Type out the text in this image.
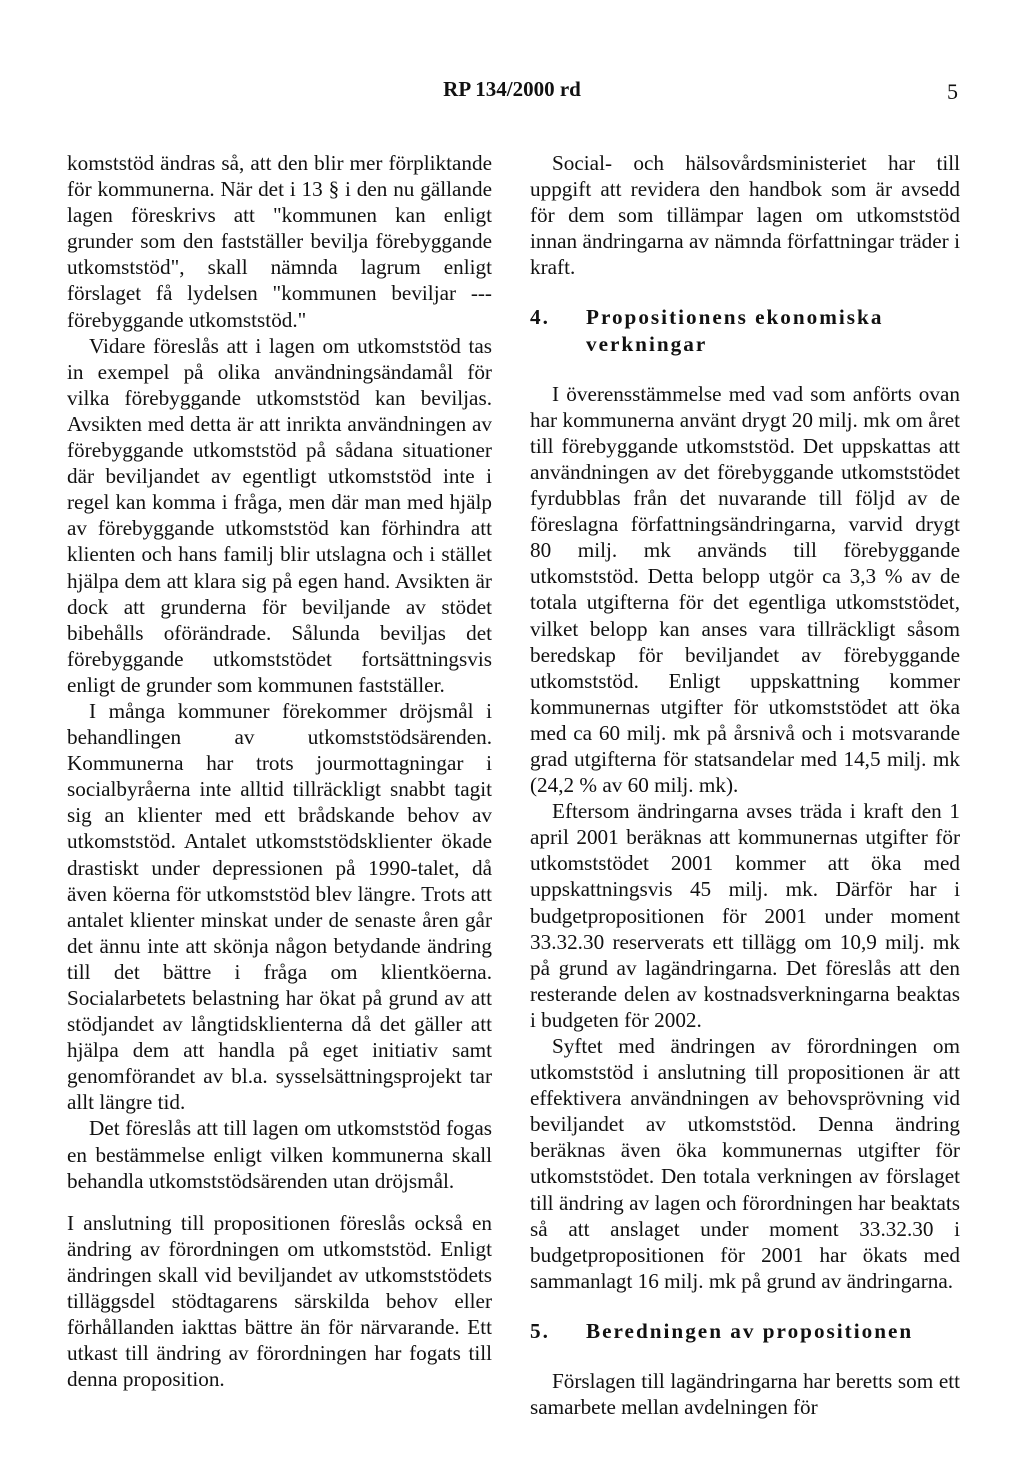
RP 134/2000 rd	5

komststöd ändras så, att den blir mer förpliktande för kommunerna. När det i 13 § i den nu gällande lagen föreskrivs att "kommunen kan enligt grunder som den fastställer bevilja förebyggande utkomststöd", skall nämnda lagrum enligt förslaget få lydelsen "kommunen beviljar --- förebyggande utkomststöd."

Vidare föreslås att i lagen om utkomststöd tas in exempel på olika användningsändamål för vilka förebyggande utkomststöd kan beviljas. Avsikten med detta är att inrikta användningen av förebyggande utkomststöd på sådana situationer där beviljandet av egentligt utkomststöd inte i regel kan komma i fråga, men där man med hjälp av förebyggande utkomststöd kan förhindra att klienten och hans familj blir utslagna och i stället hjälpa dem att klara sig på egen hand. Avsikten är dock att grunderna för beviljande av stödet bibehålls oförändrade. Sålunda beviljas det förebyggande utkomststödet fortsättningsvis enligt de grunder som kommunen fastställer.

I många kommuner förekommer dröjsmål i behandlingen av utkomststödsärenden. Kommunerna har trots jourmottagningar i socialbyråerna inte alltid tillräckligt snabbt tagit sig an klienter med ett brådskande behov av utkomststöd. Antalet utkomststödsklienter ökade drastiskt under depressionen på 1990-talet, då även köerna för utkomststöd blev längre. Trots att antalet klienter minskat under de senaste åren går det ännu inte att skönja någon betydande ändring till det bättre i fråga om klientköerna. Socialarbetets belastning har ökat på grund av att stödjandet av långtidsklienterna då det gäller att hjälpa dem att handla på eget initiativ samt genomförandet av bl.a. sysselsättningsprojekt tar allt längre tid.

Det föreslås att till lagen om utkomststöd fogas en bestämmelse enligt vilken kommunerna skall behandla utkomststödsärenden utan dröjsmål.

I anslutning till propositionen föreslås också en ändring av förordningen om utkomststöd. Enligt ändringen skall vid beviljandet av utkomststödets tilläggsdel stödtagarens särskilda behov eller förhållanden iakttas bättre än för närvarande. Ett utkast till ändring av förordningen har fogats till denna proposition.

Social- och hälsovårdsministeriet har till uppgift att revidera den handbok som är avsedd för dem som tillämpar lagen om utkomststöd innan ändringarna av nämnda författningar träder i kraft.

4.	Propositionens ekonomiska verkningar

I överensstämmelse med vad som anförts ovan har kommunerna använt drygt 20 milj. mk om året till förebyggande utkomststöd. Det uppskattas att användningen av det förebyggande utkomststödet fyrdubblas från det nuvarande till följd av de föreslagna författningsändringarna, varvid drygt 80 milj. mk används till förebyggande utkomststöd. Detta belopp utgör ca 3,3 % av de totala utgifterna för det egentliga utkomststödet, vilket belopp kan anses vara tillräckligt såsom beredskap för beviljandet av förebyggande utkomststöd. Enligt uppskattning kommer kommunernas utgifter för utkomststödet att öka med ca 60 milj. mk på årsnivå och i motsvarande grad utgifterna för statsandelar med 14,5 milj. mk (24,2 % av 60 milj. mk).

Eftersom ändringarna avses träda i kraft den 1 april 2001 beräknas att kommunernas utgifter för utkomststödet 2001 kommer att öka med uppskattningsvis 45 milj. mk. Därför har i budgetpropositionen för 2001 under moment 33.32.30 reserverats ett tillägg om 10,9 milj. mk på grund av lagändringarna. Det föreslås att den resterande delen av kostnadsverkningarna beaktas i budgeten för 2002.

Syftet med ändringen av förordningen om utkomststöd i anslutning till propositionen är att effektivera användningen av behovsprövning vid beviljandet av utkomststöd. Denna ändring beräknas även öka kommunernas utgifter för utkomststödet. Den totala verkningen av förslaget till ändring av lagen och förordningen har beaktats så att anslaget under moment 33.32.30 i budgetpropositionen för 2001 har ökats med sammanlagt 16 milj. mk på grund av ändringarna.

5.	Beredningen av propositionen

Förslagen till lagändringarna har beretts som ett samarbete mellan avdelningen för
